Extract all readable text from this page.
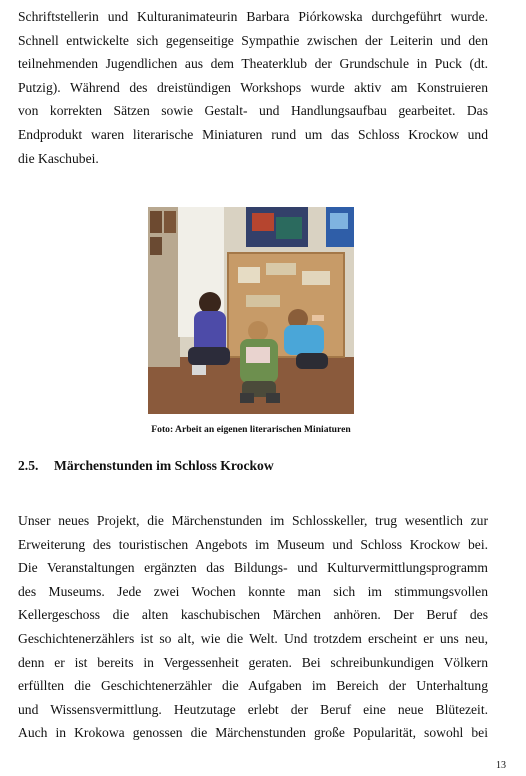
Schriftstellerin und Kulturanimateurin Barbara Piórkowska durchgeführt wurde.
Schnell entwickelte sich gegenseitige Sympathie zwischen der Leiterin und den
teilnehmenden Jugendlichen aus dem Theaterklub der Grundschule in Puck (dt.
Putzig). Während des dreistündigen Workshops wurde aktiv am Konstruieren
von korrekten Sätzen sowie Gestalt- und Handlungsaufbau gearbeitet. Das
Endprodukt waren literarische Miniaturen rund um das Schloss Krockow und
die Kaschubei.
Foto: Arbeit an eigenen literarischen Miniaturen
2.5. Märchenstunden im Schloss Krockow
Unser neues Projekt, die Märchenstunden im Schlosskeller, trug wesentlich zur
Erweiterung des touristischen Angebots im Museum und Schloss Krockow bei.
Die Veranstaltungen ergänzten das Bildungs- und Kulturvermittlungsprogramm
des Museums. Jede zwei Wochen konnte man sich im stimmungsvollen
Kellergeschoss die alten kaschubischen Märchen anhören. Der Beruf des
Geschichtenerzählers ist so alt, wie die Welt. Und trotzdem erscheint er uns neu,
denn er ist bereits in Vergessenheit geraten. Bei schreibunkundigen Völkern
erfüllten die Geschichtenerzähler die Aufgaben im Bereich der Unterhaltung
und Wissensvermittlung. Heutzutage erlebt der Beruf eine neue Blütezeit.
Auch in Krokowa genossen die Märchenstunden große Popularität, sowohl bei
13
